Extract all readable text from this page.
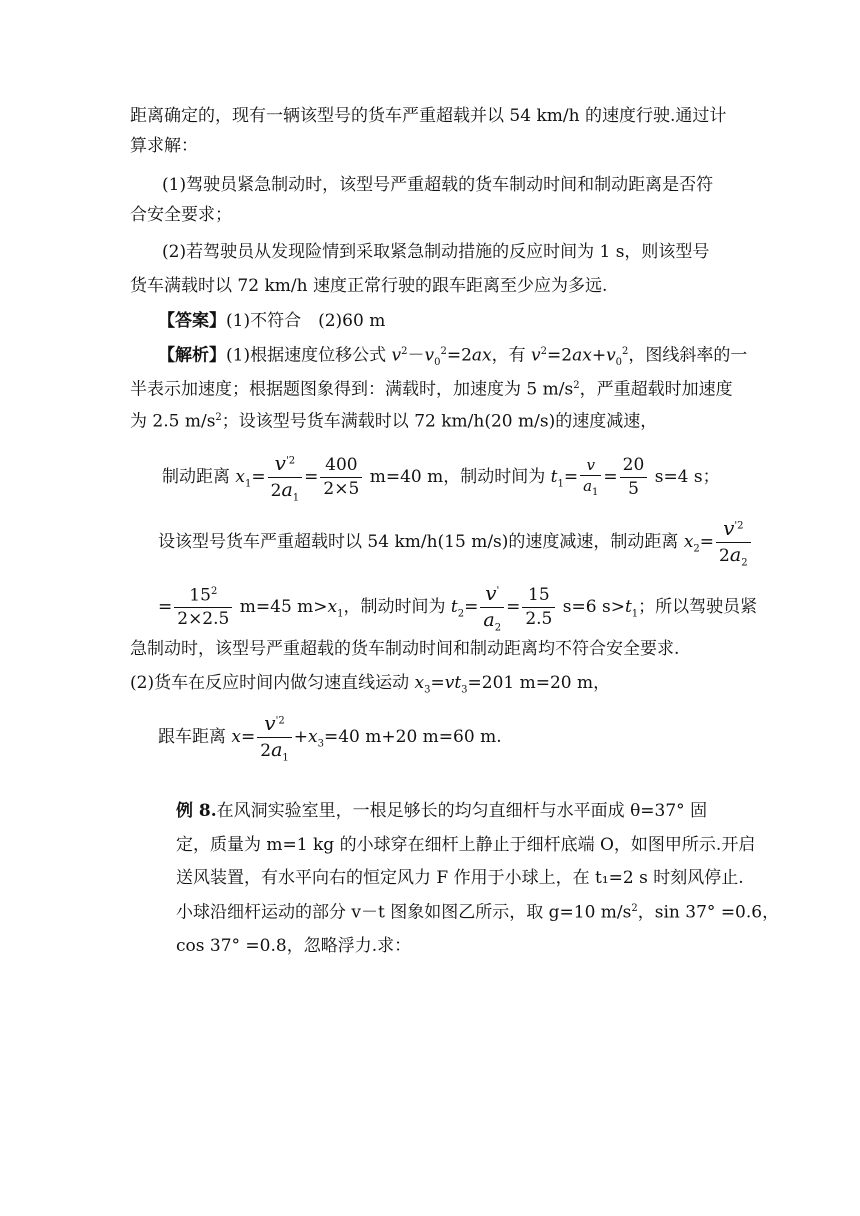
距离确定的，现有一辆该型号的货车严重超载并以 54 km/h 的速度行驶.通过计
算求解：
(1)驾驶员紧急制动时，该型号严重超载的货车制动时间和制动距离是否符
合安全要求；
(2)若驾驶员从发现险情到采取紧急制动措施的反应时间为 1 s，则该型号
货车满载时以 72 km/h 速度正常行驶的跟车距离至少应为多远.
【答案】(1)不符合　(2)60 m
【解析】(1)根据速度位移公式 $v^2-v_0^2=2ax$，有 $v^2=2ax+v_0^2$，图线斜率的一
半表示加速度；根据题图象得到：满载时，加速度为 5 $m/s^2$，严重超载时加速度
为 2.5 $m/s^2$；设该型号货车满载时以 72 km/h(20 m/s)的速度减速，
制动距离 $x_1= \frac{v^{'2}}{2a_1} = \frac{400}{2\times 5} m=40$ m，制动时间为 $t_1= \frac{v}{a_1} = \frac{20}{5} s=4$ s；
设该型号货车严重超载时以 54 km/h(15 m/s)的速度减速，制动距离 $x_2= \frac{v^{'2}}{2a_2}$
= $\frac{15^2}{2\times 2.5} m=45$ $m>x_1$，制动时间为 $t_2= \frac{v'}{a_2} = \frac{15}{2.5} s=6$ $s>t_1$；所以驾驶员紧
急制动时，该型号严重超载的货车制动时间和制动距离均不符合安全要求.
(2)货车在反应时间内做匀速直线运动 $x_3=vt_3=201$ m=20 m，
跟车距离 $x= \frac{v^{'2}}{2a_1} +x_3=40$ m+20 m=60 m.
例 8.在风洞实验室里，一根足够长的均匀直细杆与水平面成 θ=37° 固
定，质量为 m=1 kg 的小球穿在细杆上静止于细杆底端 O，如图甲所示.开启
送风装置，有水平向右的恒定风力 F 作用于小球上，在 t₁=2 s 时刻风停止.
小球沿细杆运动的部分 v－t 图象如图乙所示，取 g=10 $m/s^2$，sin 37° =0.6，
cos 37° =0.8，忽略浮力.求：
